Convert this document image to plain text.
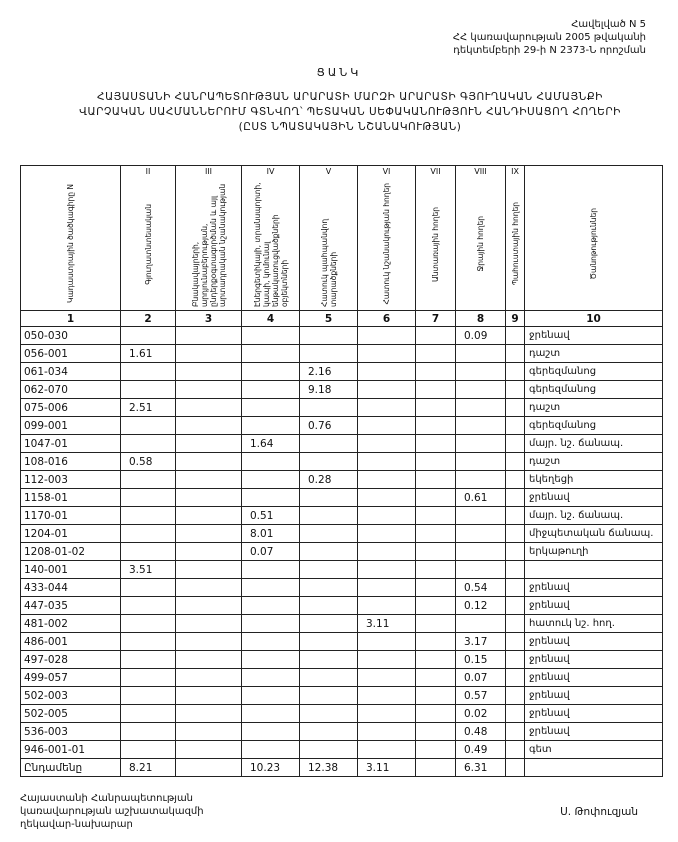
Հավելված N 5
ՀՀ կառավարության 2005 թվականի
դեկտեմբերի 29-ի N 2373-Ն որոշման
ՑԱՆԿ
ՀԱՅԱՍՏԱՆԻ ՀԱՆՐԱՊԵՏՈՒԹՅԱՆ ԱՐԱՐԱՏԻ ՄԱՐԶԻ ԱՐԱՐԱՏԻ ԳՅՈՒՂԱԿԱՆ ՀԱՄԱՅՆՔԻ
ՎԱՐՉԱԿԱՆ ՍԱՀՄԱՆՆԵՐՈՒՄ ԳՏՆՎՈՂ՝ ՊԵՏԱԿԱՆ ՍԵՓԱԿԱՆՈՒԹՅՈՒՆ ՀԱՆԴԻՍԱՑՈՂ ՀՈՂԵՐԻ
(ԸՍՏ ՆՊԱՏԱԿԱՅԻՆ ՆՇԱՆԱԿՈՒԹՅԱՆ)
	II	III	IV	V	VI	VII	VIII	IX	

Կադաստրային ծածկագիրը N	Գյուղատնտեսական	Բնակավայրերի, արդյունաբերության, ընդերքօգտագործման և այլ արտադրական նշանակության	Էներգետիկայի, տրանսպորտի, կապի, կոմունալ ենթակառուցվածքների օբյեկտների	Հատուկ պահպանվող տարածքների	Հատուկ նշանակության հողեր	Անտառային հողեր	Ջրային հողեր	Պահուստային հողեր	Ծանոթություններ

1	2	3	4	5	6	7	8	9	10
050-030							0.09		ջրենավ
056-001	1.61								դաշտ
061-034				2.16					գերեզմանոց
062-070				9.18					գերեզմանոց
075-006	2.51								դաշտ
099-001				0.76					գերեզմանոց
1047-01			1.64						մայր. նշ. ճանապ.
108-016	0.58								դաշտ
112-003				0.28					եկեղեցի
1158-01							0.61		ջրենավ
1170-01			0.51						մայր. նշ. ճանապ.
1204-01			8.01						միջպետական ճանապ.
1208-01-02			0.07						երկաթուղի
140-001	3.51								
433-044							0.54		ջրենավ
447-035							0.12		ջրենավ
481-002					3.11				հատուկ նշ. հող.
486-001							3.17		ջրենավ
497-028							0.15		ջրենավ
499-057							0.07		ջրենավ
502-003							0.57		ջրենավ
502-005							0.02		ջրենավ
536-003							0.48		ջրենավ
946-001-01							0.49		գետ
Ընդամենը	8.21		10.23	12.38	3.11		6.31		
Հայաստանի Հանրապետության
կառավարության աշխատակազմի
ղեկավար-նախարար
Ս. Թոփուզյան
